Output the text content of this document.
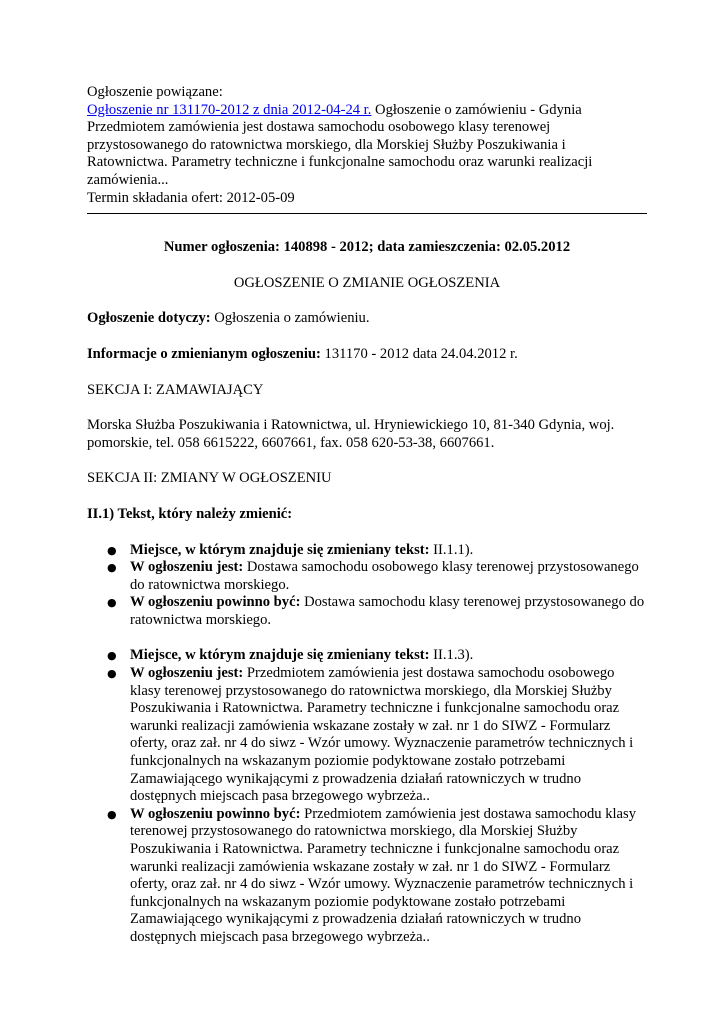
Ogłoszenie powiązane:

Ogłoszenie nr 131170-2012 z dnia 2012-04-24 r. Ogłoszenie o zamówieniu - Gdynia Przedmiotem zamówienia jest dostawa samochodu osobowego klasy terenowej przystosowanego do ratownictwa morskiego, dla Morskiej Służby Poszukiwania i Ratownictwa. Parametry techniczne i funkcjonalne samochodu oraz warunki realizacji zamówienia...

Termin składania ofert: 2012-05-09

Numer ogłoszenia: 140898 - 2012; data zamieszczenia: 02.05.2012

OGŁOSZENIE O ZMIANIE OGŁOSZENIA

Ogłoszenie dotyczy: Ogłoszenia o zamówieniu.

Informacje o zmienianym ogłoszeniu: 131170 - 2012 data 24.04.2012 r.

SEKCJA I: ZAMAWIAJĄCY

Morska Służba Poszukiwania i Ratownictwa, ul. Hryniewickiego 10, 81-340 Gdynia, woj. pomorskie, tel. 058 6615222, 6607661, fax. 058 620-53-38, 6607661.

SEKCJA II: ZMIANY W OGŁOSZENIU

II.1) Tekst, który należy zmienić:

● Miejsce, w którym znajduje się zmieniany tekst: II.1.1).
● W ogłoszeniu jest: Dostawa samochodu osobowego klasy terenowej przystosowanego do ratownictwa morskiego.
● W ogłoszeniu powinno być: Dostawa samochodu klasy terenowej przystosowanego do ratownictwa morskiego.
● Miejsce, w którym znajduje się zmieniany tekst: II.1.3).
● W ogłoszeniu jest: Przedmiotem zamówienia jest dostawa samochodu osobowego klasy terenowej przystosowanego do ratownictwa morskiego, dla Morskiej Służby Poszukiwania i Ratownictwa. Parametry techniczne i funkcjonalne samochodu oraz warunki realizacji zamówienia wskazane zostały w zał. nr 1 do SIWZ - Formularz oferty, oraz zał. nr 4 do siwz - Wzór umowy. Wyznaczenie parametrów technicznych i funkcjonalnych na wskazanym poziomie podyktowane zostało potrzebami Zamawiającego wynikającymi z prowadzenia działań ratowniczych w trudno dostępnych miejscach pasa brzegowego wybrzeża..
● W ogłoszeniu powinno być: Przedmiotem zamówienia jest dostawa samochodu klasy terenowej przystosowanego do ratownictwa morskiego, dla Morskiej Służby Poszukiwania i Ratownictwa. Parametry techniczne i funkcjonalne samochodu oraz warunki realizacji zamówienia wskazane zostały w zał. nr 1 do SIWZ - Formularz oferty, oraz zał. nr 4 do siwz - Wzór umowy. Wyznaczenie parametrów technicznych i funkcjonalnych na wskazanym poziomie podyktowane zostało potrzebami Zamawiającego wynikającymi z prowadzenia działań ratowniczych w trudno dostępnych miejscach pasa brzegowego wybrzeża..
